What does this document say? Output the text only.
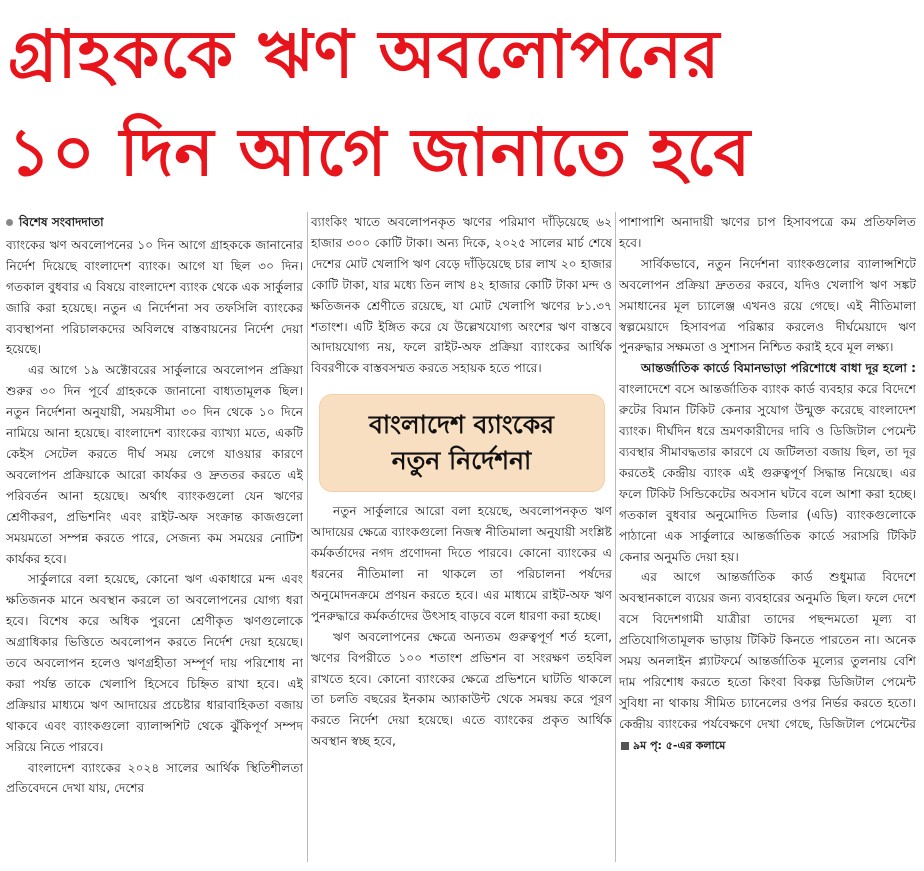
গ্রাহককে ঋণ অবলোপনের
১০ দিন আগে জানাতে হবে
বিশেষ সংবাদদাতা

ব্যাংকের ঋণ অবলোপনের ১০ দিন আগে গ্রাহককে জানানোর নির্দেশ দিয়েছে বাংলাদেশ ব্যাংক। আগে যা ছিল ৩০ দিন। গতকাল বুধবার এ বিষয়ে বাংলাদেশ ব্যাংক থেকে এক সার্কুলার জারি করা হয়েছে। নতুন এ নির্দেশনা সব তফসিলি ব্যাংকের ব্যবস্থাপনা পরিচালকদের অবিলম্বে বাস্তবায়নের নির্দেশ দেয়া হয়েছে।

এর আগে ১৯ অক্টোবরের সার্কুলারে অবলোপন প্রক্রিয়া শুরুর ৩০ দিন পূর্বে গ্রাহককে জানানো বাধ্যতামূলক ছিল। নতুন নির্দেশনা অনুযায়ী, সময়সীমা ৩০ দিন থেকে ১০ দিনে নামিয়ে আনা হয়েছে। বাংলাদেশ ব্যাংকের ব্যাখ্যা মতে, একটি কেইস সেটেল করতে দীর্ঘ সময় লেগে যাওয়ার কারণে অবলোপন প্রক্রিয়াকে আরো কার্যকর ও দ্রুততর করতে এই পরিবর্তন আনা হয়েছে। অর্থাৎ ব্যাংকগুলো যেন ঋণের শ্রেণীকরণ, প্রভিশনিং এবং রাইট-অফ সংক্রান্ত কাজগুলো সময়মতো সম্পন্ন করতে পারে, সেজন্য কম সময়ের নোটিশ কার্যকর হবে।

সার্কুলারে বলা হয়েছে, কোনো ঋণ একাধারে মন্দ এবং ক্ষতিজনক মানে অবস্থান করলে তা অবলোপনের যোগ্য ধরা হবে। বিশেষ করে অধিক পুরনো শ্রেণীকৃত ঋণগুলোকে অগ্রাধিকার ভিত্তিতে অবলোপন করতে নির্দেশ দেয়া হয়েছে। তবে অবলোপন হলেও ঋণগ্রহীতা সম্পূর্ণ দায় পরিশোধ না করা পর্যন্ত তাকে খেলাপি হিসেবে চিহ্নিত রাখা হবে। এই প্রক্রিয়ার মাধ্যমে ঋণ আদায়ের প্রচেষ্টার ধারাবাহিকতা বজায় থাকবে এবং ব্যাংকগুলো ব্যালান্সশিট থেকে ঝুঁকিপূর্ণ সম্পদ সরিয়ে নিতে পারবে।

বাংলাদেশ ব্যাংকের ২০২৪ সালের আর্থিক স্থিতিশীলতা প্রতিবেদনে দেখা যায়, দেশের

ব্যাংকিং খাতে অবলোপনকৃত ঋণের পরিমাণ দাঁড়িয়েছে ৬২ হাজার ৩০০ কোটি টাকা। অন্য দিকে, ২০২৫ সালের মার্চ শেষে দেশের মোট খেলাপি ঋণ বেড়ে দাঁড়িয়েছে চার লাখ ২০ হাজার কোটি টাকা, যার মধ্যে তিন লাখ ৪২ হাজার কোটি টাকা মন্দ ও ক্ষতিজনক শ্রেণীতে রয়েছে, যা মোট খেলাপি ঋণের ৮১.৩৭ শতাংশ। এটি ইঙ্গিত করে যে উল্লেখযোগ্য অংশের ঋণ বাস্তবে আদায়যোগ্য নয়, ফলে রাইট-অফ প্রক্রিয়া ব্যাংকের আর্থিক বিবরণীকে বাস্তবসম্মত করতে সহায়ক হতে পারে।

বাংলাদেশ ব্যাংকের
নতুন নির্দেশনা

নতুন সার্কুলারে আরো বলা হয়েছে, অবলোপনকৃত ঋণ আদায়ের ক্ষেত্রে ব্যাংকগুলো নিজস্ব নীতিমালা অনুযায়ী সংশ্লিষ্ট কর্মকর্তাদের নগদ প্রণোদনা দিতে পারবে। কোনো ব্যাংকের এ ধরনের নীতিমালা না থাকলে তা পরিচালনা পর্ষদের অনুমোদনক্রমে প্রণয়ন করতে হবে। এর মাধ্যমে রাইট-অফ ঋণ পুনরুদ্ধারে কর্মকর্তাদের উৎসাহ বাড়বে বলে ধারণা করা হচ্ছে।

ঋণ অবলোপনের ক্ষেত্রে অন্যতম গুরুত্বপূর্ণ শর্ত হলো, ঋণের বিপরীতে ১০০ শতাংশ প্রভিশন বা সংরক্ষণ তহবিল রাখতে হবে। কোনো ব্যাংকের ক্ষেত্রে প্রভিশনে ঘাটতি থাকলে তা চলতি বছরের ইনকাম অ্যাকাউন্ট থেকে সমন্বয় করে পূরণ করতে নির্দেশ দেয়া হয়েছে। এতে ব্যাংকের প্রকৃত আর্থিক অবস্থান স্বচ্ছ হবে,

পাশাপাশি অনাদায়ী ঋণের চাপ হিসাবপত্রে কম প্রতিফলিত হবে।

সার্বিকভাবে, নতুন নির্দেশনা ব্যাংকগুলোর ব্যালান্সশিটে অবলোপন প্রক্রিয়া দ্রুততর করবে, যদিও খেলাপি ঋণ সঙ্কট সমাধানের মূল চ্যালেঞ্জ এখনও রয়ে গেছে। এই নীতিমালা স্বল্পমেয়াদে হিসাবপত্র পরিষ্কার করলেও দীর্ঘমেয়াদে ঋণ পুনরুদ্ধার সক্ষমতা ও সুশাসন নিশ্চিত করাই হবে মূল লক্ষ্য।

আন্তর্জাতিক কার্ডে বিমানভাড়া পরিশোধে বাধা দূর হলো : বাংলাদেশে বসে আন্তর্জাতিক ব্যাংক কার্ড ব্যবহার করে বিদেশে রুটের বিমান টিকিট কেনার সুযোগ উন্মুক্ত করেছে বাংলাদেশ ব্যাংক। দীর্ঘদিন ধরে ভ্রমণকারীদের দাবি ও ডিজিটাল পেমেন্ট ব্যবস্থার সীমাবদ্ধতার কারণে যে জটিলতা বজায় ছিল, তা দূর করতেই কেন্দ্রীয় ব্যাংক এই গুরুত্বপূর্ণ সিদ্ধান্ত নিয়েছে। এর ফলে টিকিট সিন্ডিকেটের অবসান ঘটবে বলে আশা করা হচ্ছে। গতকাল বুধবার অনুমোদিত ডিলার (এডি) ব্যাংকগুলোকে পাঠানো এক সার্কুলারে আন্তর্জাতিক কার্ডে সরাসরি টিকিট কেনার অনুমতি দেয়া হয়।

এর আগে আন্তর্জাতিক কার্ড শুধুমাত্র বিদেশে অবস্থানকালে ব্যয়ের জন্য ব্যবহারের অনুমতি ছিল। ফলে দেশে বসে বিদেশগামী যাত্রীরা তাদের পছন্দমতো মূল্য বা প্রতিযোগিতামূলক ভাড়ায় টিকিট কিনতে পারতেন না। অনেক সময় অনলাইন প্ল্যাটফর্মে আন্তর্জাতিক মূল্যের তুলনায় বেশি দাম পরিশোধ করতে হতো কিংবা বিকল্প ডিজিটাল পেমেন্ট সুবিধা না থাকায় সীমিত চ্যানেলের ওপর নির্ভর করতে হতো। কেন্দ্রীয় ব্যাংকের পর্যবেক্ষণে দেখা গেছে, ডিজিটাল পেমেন্টের ৯ম পৃ: ৫-এর কলামে
